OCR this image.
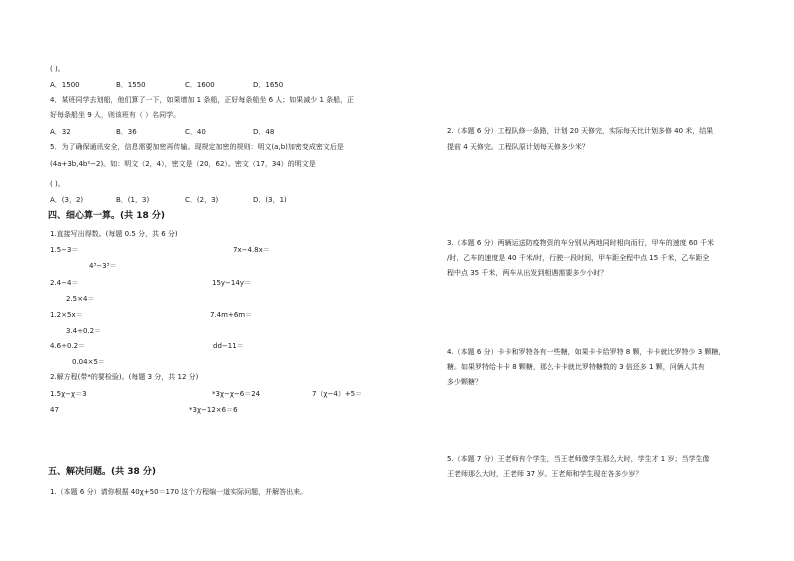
( )。
A．1500	B．1550	C．1600	D．1650
4．某班同学去划船，他们算了一下，如果增加 1 条船，正好每条船坐 6 人；如果减少 1 条船，正
好每条船坐 9 人，则该班有（ ）名同学。
A．32	B．36	C．40	D．48
5．为了确保通讯安全，信息需要加密再传输。现规定加密的规则：明文(a,b)加密变成密文后是
(4a+3b,4b²−2)。如：明文（2，4），密文是（20，62）。密文（17，34）的明文是
( )。
A．(3，2)	B．(1，3)	C．(2，3)	D．(3，1)
四、细心算一算。(共 18 分)
1.直接写出得数。(每题 0.5 分，共 6 分)
1.5−3＝	7x−4.8x＝
4³−3³＝
2.4−4＝	15y−14y＝
2.5×4＝
1.2×5x＝	7.4m+6m＝
3.4÷0.2＝
4.6÷0.2＝	dd−11＝
0.04×5＝
2.解方程(带*的要检验)。(每题 3 分，共 12 分)
1.5χ−χ＝3	*3χ−χ−6＝24	7（χ−4）+5＝
47	*3χ−12×6＝6
五、解决问题。(共 38 分)
1.（本题 6 分）请你根据 40χ+50＝170 这个方程编一道实际问题，并解答出来。
2.（本题 6 分）工程队修一条路，计划 20 天修完，实际每天比计划多修 40 米，结果
提前 4 天修完。工程队原计划每天修多少米？
3.（本题 6 分）两辆运送防疫物资的车分别从两地同时相向而行，甲车的速度 60 千米
/时，乙车的速度是 40 千米/时，行驶一段时间，甲车距全程中点 15 千米，乙车距全
程中点 35 千米，两车从出发到相遇需要多少小时？
4.（本题 6 分）卡卡和罗特各有一些糖，如果卡卡给罗特 8 颗，卡卡就比罗特少 3 颗糖，
糖。如果罗特给卡卡 8 颗糖，那么卡卡就比罗特糖数的 3 倍还多 1 颗，问俩人共有
多少颗糖？
5.（本题 7 分）王老师有个学生，当王老师像学生那么大时，学生才 1 岁；当学生像
王老师那么大时，王老师 37 岁。王老师和学生现在各多少岁？
